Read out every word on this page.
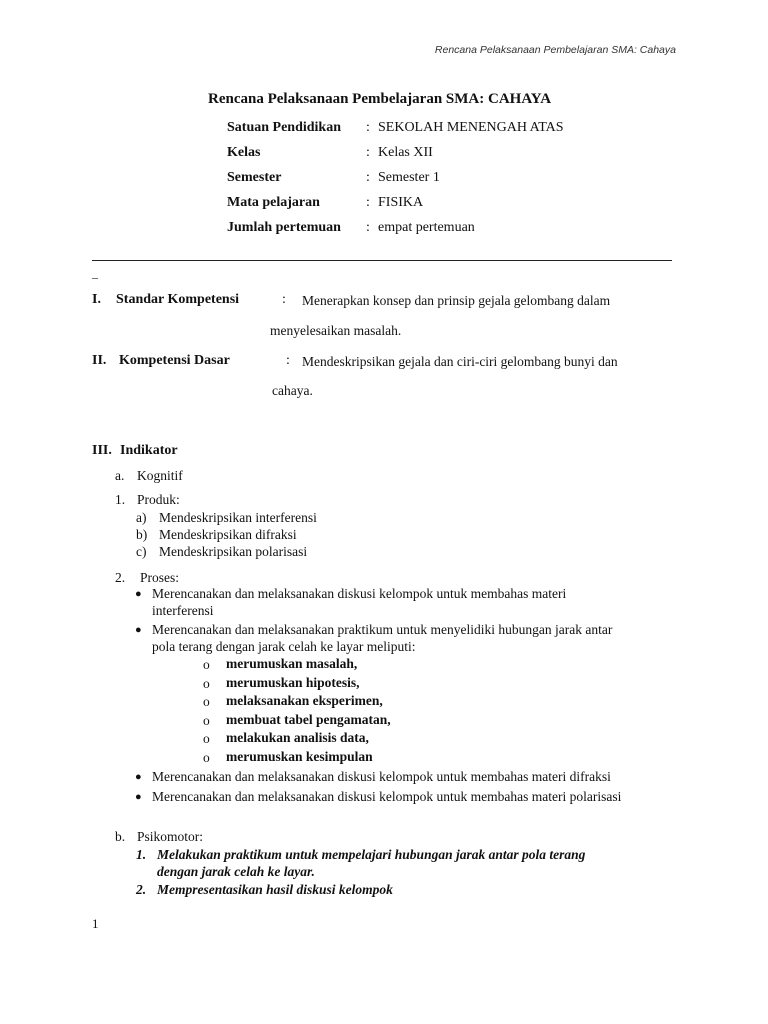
Rencana Pelaksanaan Pembelajaran SMA: Cahaya
Rencana Pelaksanaan Pembelajaran SMA: CAHAYA
Satuan Pendidikan : SEKOLAH MENENGAH ATAS
Kelas	: Kelas XII
Semester	: Semester 1
Mata pelajaran	: FISIKA
Jumlah pertemuan : empat pertemuan
_
I. Standar Kompetensi	: Menerapkan konsep dan prinsip gejala gelombang dalam
menyelesaikan masalah.
II. Kompetensi Dasar	: Mendeskripsikan gejala dan ciri-ciri gelombang bunyi dan
cahaya.
III. Indikator
a. Kognitif
1. Produk:
a) Mendeskripsikan interferensi
b) Mendeskripsikan difraksi
c) Mendeskripsikan polarisasi
2. Proses:
● Merencanakan dan melaksanakan diskusi kelompok untuk membahas materi
interferensi
● Merencanakan dan melaksanakan praktikum untuk menyelidiki hubungan jarak antar
pola terang dengan jarak celah ke layar meliputi:
o merumuskan masalah,
o merumuskan hipotesis,
o melaksanakan eksperimen,
o membuat tabel pengamatan,
o melakukan analisis data,
o merumuskan kesimpulan
● Merencanakan dan melaksanakan diskusi kelompok untuk membahas materi difraksi
● Merencanakan dan melaksanakan diskusi kelompok untuk membahas materi polarisasi
b. Psikomotor:
1. Melakukan praktikum untuk mempelajari hubungan jarak antar pola terang
dengan jarak celah ke layar.
2. Mempresentasikan hasil diskusi kelompok
1
